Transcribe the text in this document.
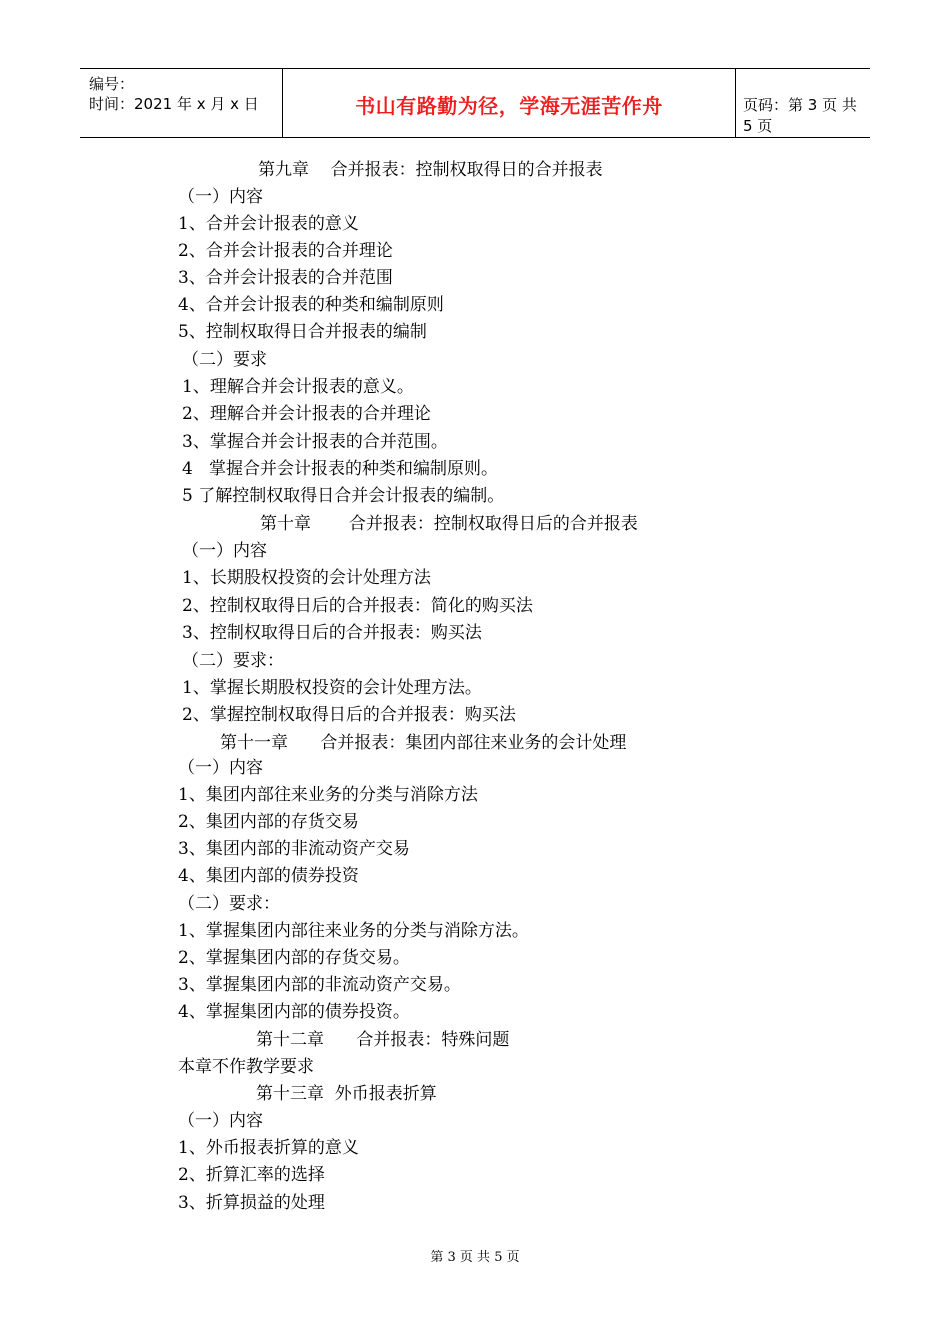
编号：
时间：2021 年 x 月 x 日	书山有路勤为径，学海无涯苦作舟	页码：第 3 页 共 5 页
第九章    合并报表：控制权取得日的合并报表
（一）内容
1、合并会计报表的意义
2、合并会计报表的合并理论
3、合并会计报表的合并范围
4、合并会计报表的种类和编制原则
5、控制权取得日合并报表的编制
（二）要求
1、理解合并会计报表的意义。
2、理解合并会计报表的合并理论
3、掌握合并会计报表的合并范围。
4   掌握合并会计报表的种类和编制原则。
5 了解控制权取得日合并会计报表的编制。
第十章       合并报表：控制权取得日后的合并报表
（一）内容
1、长期股权投资的会计处理方法
2、控制权取得日后的合并报表：简化的购买法
3、控制权取得日后的合并报表：购买法
（二）要求：
1、掌握长期股权投资的会计处理方法。
2、掌握控制权取得日后的合并报表：购买法
第十一章      合并报表：集团内部往来业务的会计处理
（一）内容
1、集团内部往来业务的分类与消除方法
2、集团内部的存货交易
3、集团内部的非流动资产交易
4、集团内部的债券投资
（二）要求：
1、掌握集团内部往来业务的分类与消除方法。
2、掌握集团内部的存货交易。
3、掌握集团内部的非流动资产交易。
4、掌握集团内部的债券投资。
第十二章      合并报表：特殊问题
本章不作教学要求
第十三章  外币报表折算
（一）内容
1、外币报表折算的意义
2、折算汇率的选择
3、折算损益的处理
第 3 页 共 5 页
